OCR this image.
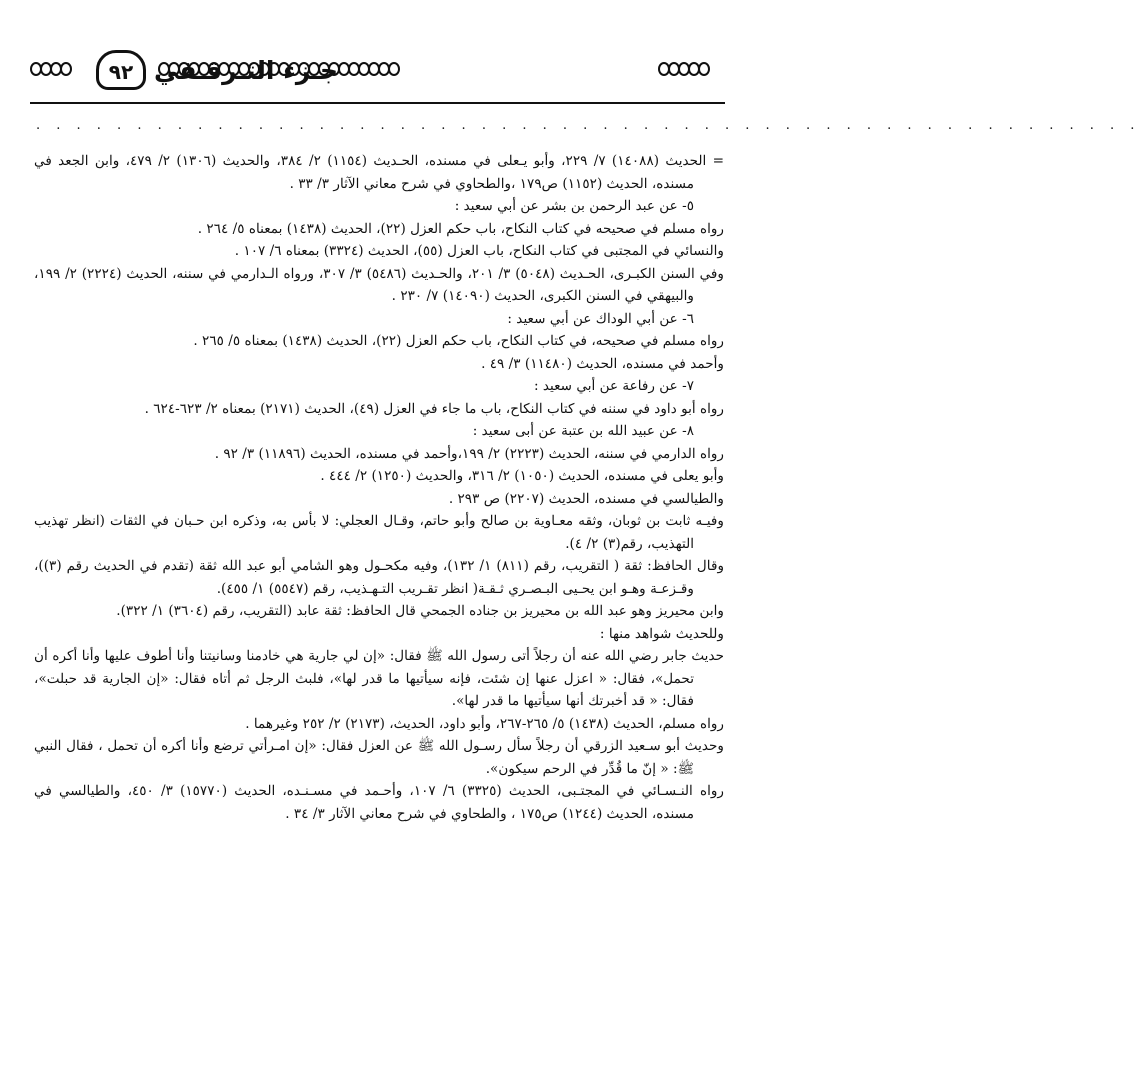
٩٢ جـزء التـرقـفي
. . . . . . . . . . . . . . . . . . . . . . . . . . . . . . . . . . . . . . . . . . . . . . . . . . . . . . .

= الحديث (١٤٠٨٨) ٧/ ٢٢٩، وأبو يـعلى في مسنده، الحـديث (١١٥٤) ٢/ ٣٨٤، والحديث (١٣٠٦) ٢/ ٤٧٩، وابن الجعد في مسنده، الحديث (١١٥٢) ص١٧٩ ،والطحاوي في شرح معاني الآثار ٣/ ٣٣ .

٥- عن عبد الرحمن بن بشر عن أبي سعيد :

رواه مسلم في صحيحه في كتاب النكاح، باب حكم العزل (٢٢)، الحديث (١٤٣٨) بمعناه ٥/ ٢٦٤ .

والنسائي في المجتبى في كتاب النكاح، باب العزل (٥٥)، الحديث (٣٣٢٤) بمعناه ٦/ ١٠٧ .

وفي السنن الكبـرى، الحـديث (٥٠٤٨) ٣/ ٢٠١، والحـديث (٥٤٨٦) ٣/ ٣٠٧، ورواه الـدارمي في سننه، الحديث (٢٢٢٤) ٢/ ١٩٩، والبيهقي في السنن الكبرى، الحديث (١٤٠٩٠) ٧/ ٢٣٠ .

٦- عن أبي الوداك عن أبي سعيد :

رواه مسلم في صحيحه، في كتاب النكاح، باب حكم العزل (٢٢)، الحديث (١٤٣٨) بمعناه ٥/ ٢٦٥ .

وأحمد في مسنده، الحديث (١١٤٨٠) ٣/ ٤٩ .

٧- عن رفاعة عن أبي سعيد :

رواه أبو داود في سننه في كتاب النكاح، باب ما جاء في العزل (٤٩)، الحديث (٢١٧١) بمعناه ٢/ ٦٢٣-٦٢٤ .

٨- عن عبيد الله بن عتبة عن أبى سعيد :

رواه الدارمي في سننه، الحديث (٢٢٢٣) ٢/ ١٩٩،وأحمد في مسنده، الحديث (١١٨٩٦) ٣/ ٩٢ .

وأبو يعلى في مسنده، الحديث (١٠٥٠) ٢/ ٣١٦، والحديث (١٢٥٠) ٢/ ٤٤٤ .

والطيالسي في مسنده، الحديث (٢٢٠٧) ص ٢٩٣ .

وفيـه ثابت بن ثوبان، وثقه معـاوية بن صالح وأبو حاتم، وقـال العجلي: لا بأس به، وذكره ابن حـبان في الثقات (انظر تهذيب التهذيب، رقم(٣) ٢/ ٤).

وقال الحافظ: ثقة ( التقريب، رقم (٨١١) ١/ ١٣٢)، وفيه مكحـول وهو الشامي أبو عبد الله ثقة (تقدم في الحديث رقم (٣))، وقـزعـة وهـو ابن يحـيى البـصـري ثـقـة( انظر تقـريب التـهـذيب، رقم (٥٥٤٧) ١/ ٤٥٥).

وابن محيريز وهو عبد الله بن محيريز بن جناده الجمحي قال الحافظ: ثقة عابد (التقريب، رقم (٣٦٠٤) ١/ ٣٢٢).

وللحديث شواهد منها :

حديث جابر رضي الله عنه أن رجلاً أتى رسول الله ﷺ فقال: «إن لي جارية هي خادمنا وسانيتنا وأنا أطوف عليها وأنا أكره أن تحمل»، فقال: « اعزل عنها إن شئت، فإنه سيأتيها ما قدر لها»، فلبث الرجل ثم أتاه فقال: «إن الجارية قد حبلت»، فقال: « قد أخبرتك أنها سيأتيها ما قدر لها».

رواه مسلم، الحديث (١٤٣٨) ٥/ ٢٦٥-٢٦٧، وأبو داود، الحديث، (٢١٧٣) ٢/ ٢٥٢ وغيرهما .

وحديث أبو سـعيد الزرقي أن رجلاً سأل رسـول الله ﷺ عن العزل فقال: «إن امـرأتي ترضع وأنا أكره أن تحمل ، فقال النبي ﷺ: « إنّ ما قُدِّر في الرحم سيكون».

رواه النـسـائي في المجتـبى، الحديث (٣٣٢٥) ٦/ ١٠٧، وأحـمد في مسـنـده، الحديث (١٥٧٧٠) ٣/ ٤٥٠، والطيالسي في مسنده، الحديث (١٢٤٤) ص١٧٥ ، والطحاوي في شرح معاني الآثار ٣/ ٣٤ .
